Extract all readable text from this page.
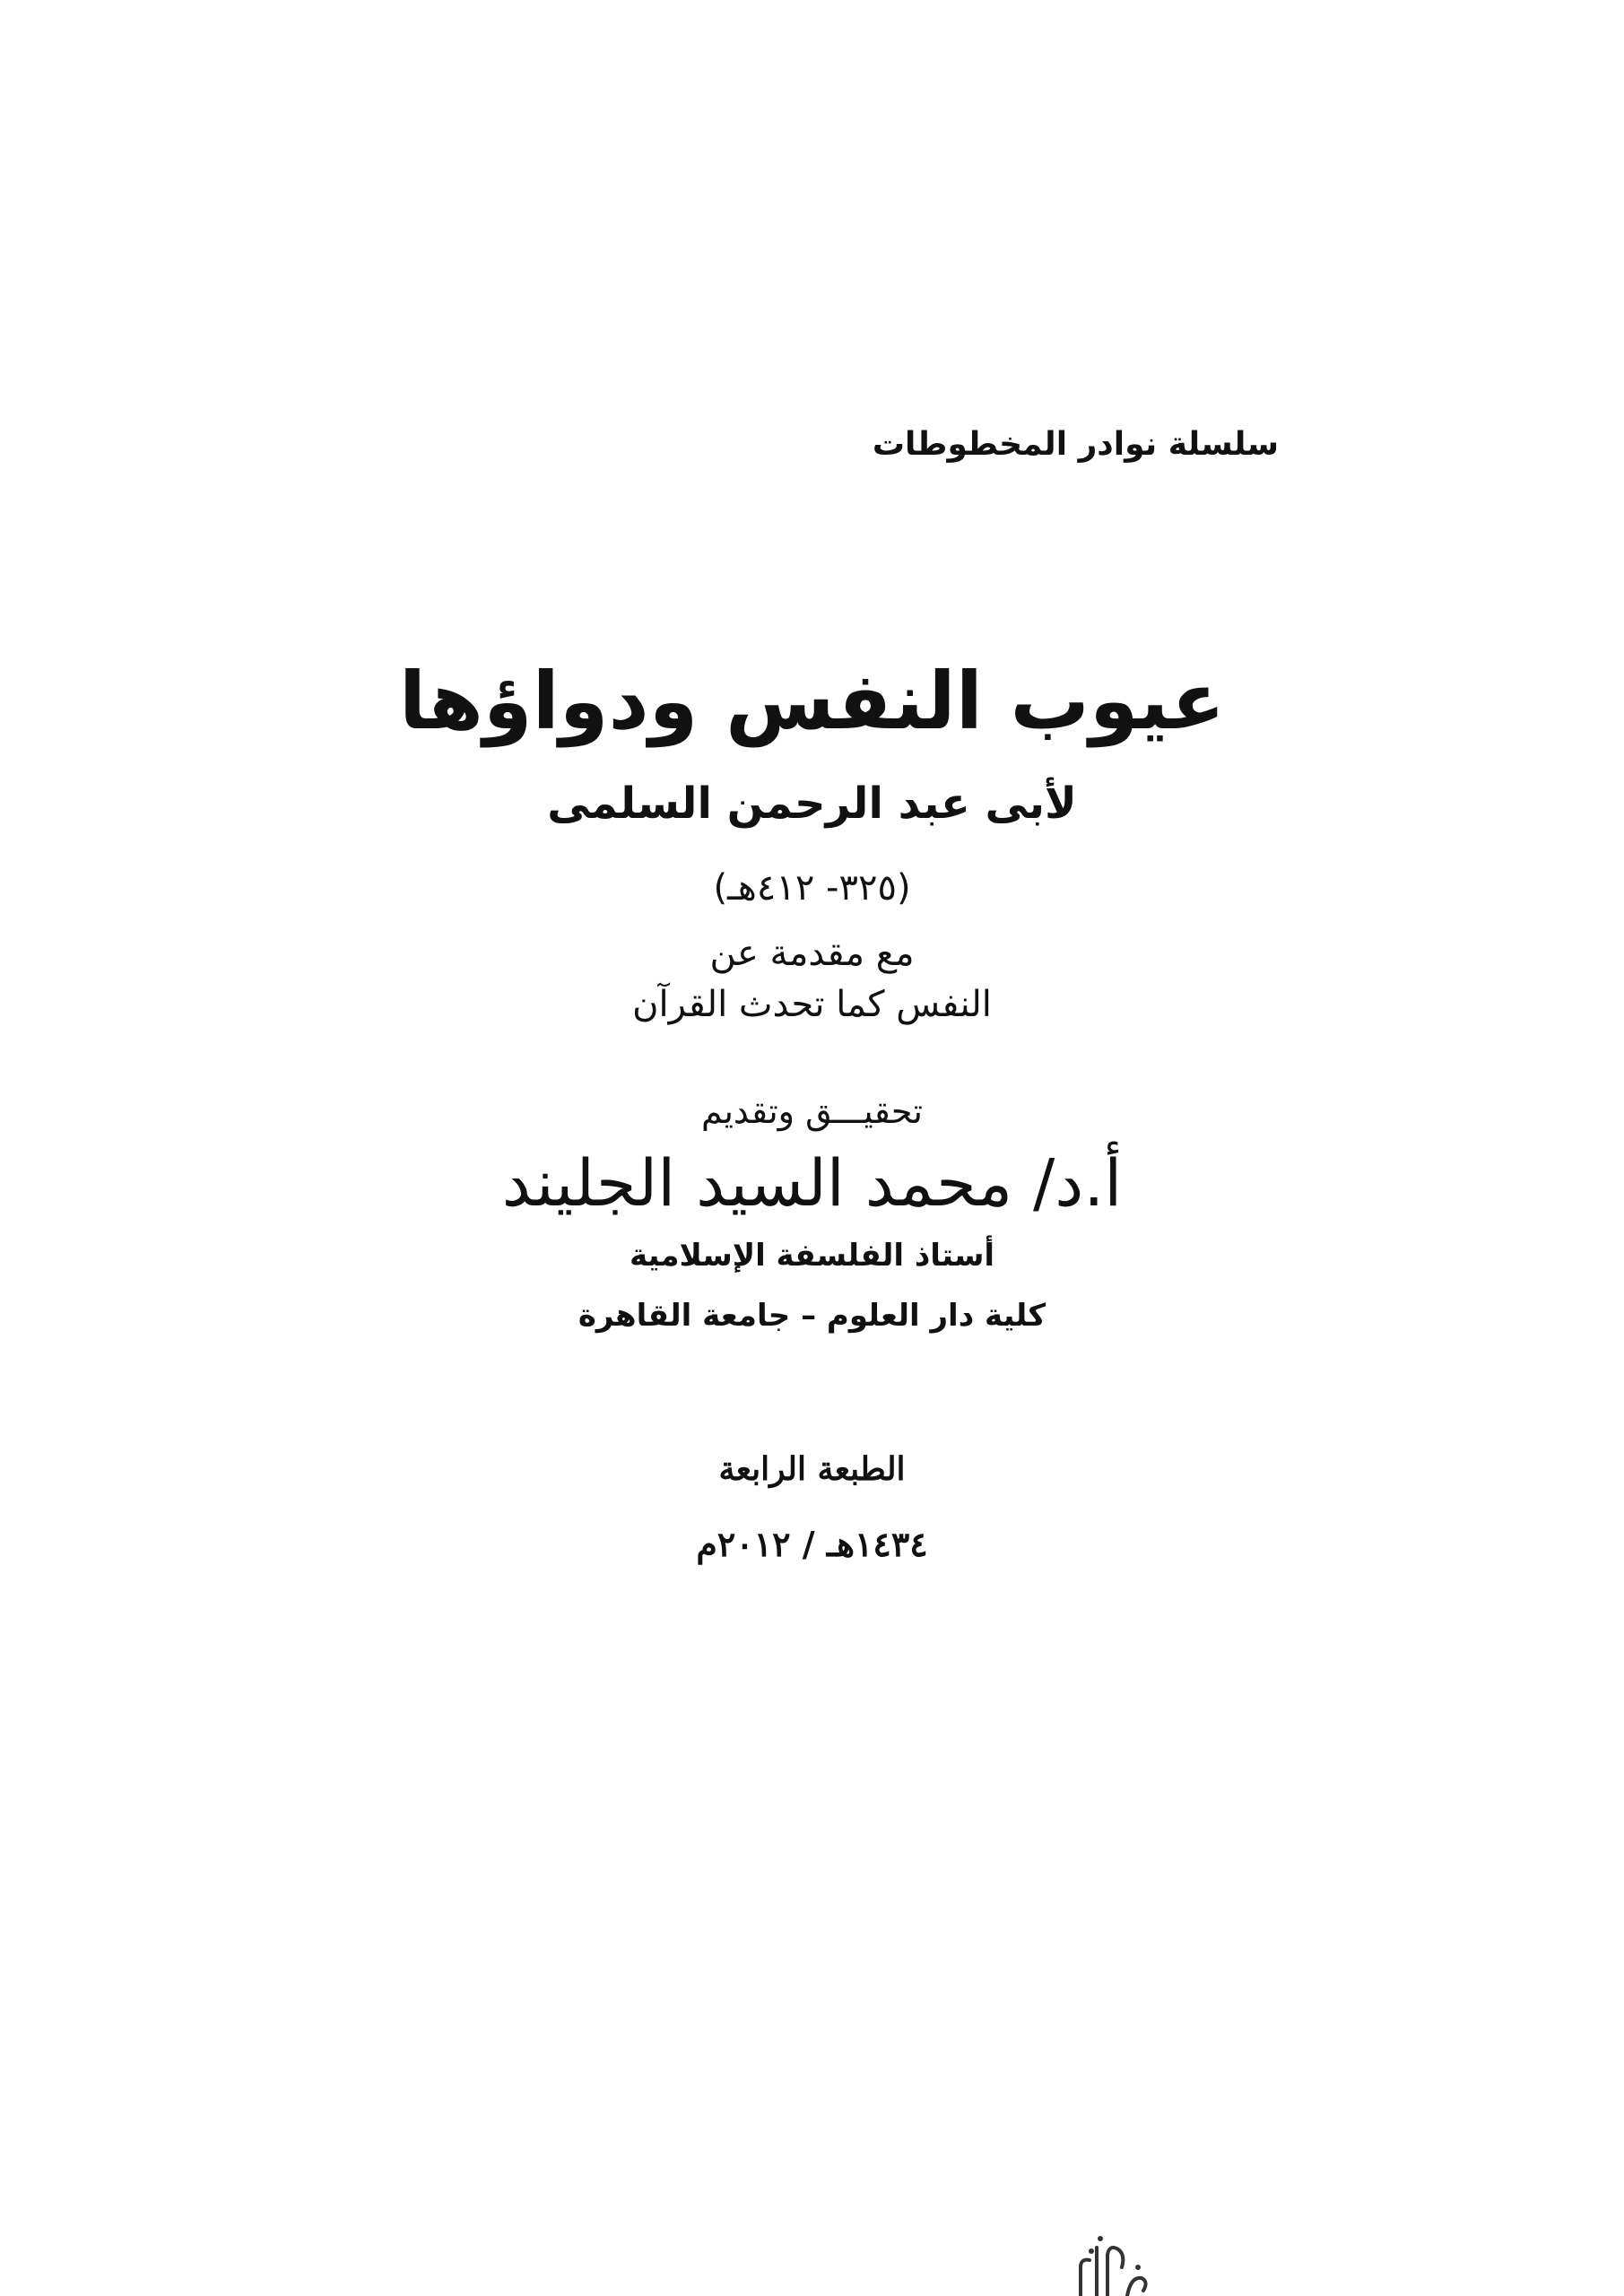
سلسلة نوادر المخطوطات
عيوب النفس ودواؤها
لأبى عبد الرحمن السلمى
(٣٢٥- ٤١٢هـ)
مع مقدمة عن
النفس كما تحدث القرآن
تحقيـــق وتقديم
أ.د/ محمد السيد الجليند
أستاذ الفلسفة الإسلامية
كلية دار العلوم – جامعة القاهرة
الطبعة الرابعة
١٤٣٤هـ / ٢٠١٢م
